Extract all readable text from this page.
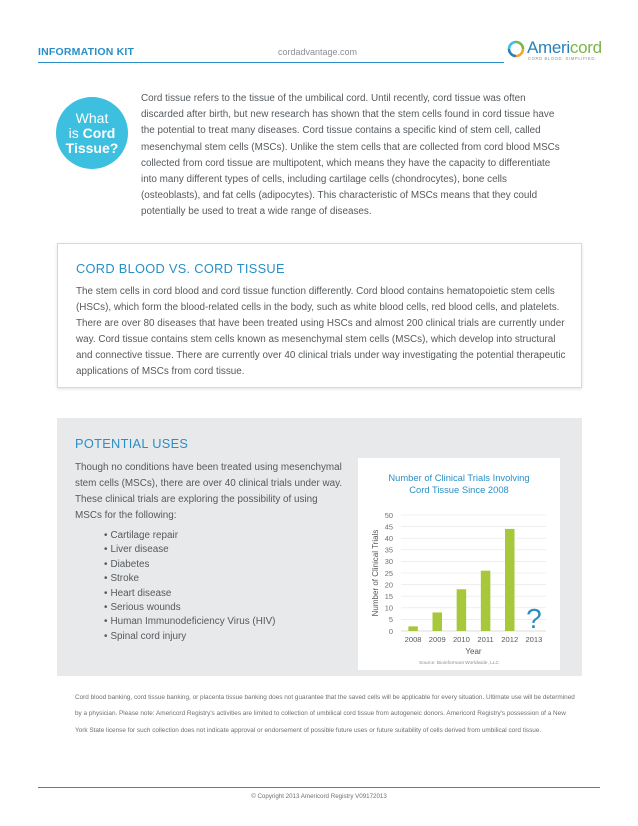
INFORMATION KIT	cordadvantage.com	Americord
CORD BLOOD. SIMPLIFIED.
What
is Cord
Tissue?

Cord tissue refers to the tissue of the umbilical cord. Until recently, cord tissue was often discarded after birth, but new research has shown that the stem cells found in cord tissue have the potential to treat many diseases. Cord tissue contains a specific kind of stem cell, called mesenchymal stem cells (MSCs). Unlike the stem cells that are collected from cord blood MSCs collected from cord tissue are multipotent, which means they have the capacity to differentiate into many different types of cells, including cartilage cells (chondrocytes), bone cells (osteoblasts), and fat cells (adipocytes). This characteristic of MSCs means that they could potentially be used to treat a wide range of diseases.

CORD BLOOD VS. CORD TISSUE

The stem cells in cord blood and cord tissue function differently. Cord blood contains hematopoietic stem cells (HSCs), which form the blood-related cells in the body, such as white blood cells, red blood cells, and platelets. There are over 80 diseases that have been treated using HSCs and almost 200 clinical trials are currently under way. Cord tissue contains stem cells known as mesenchymal stem cells (MSCs), which develop into structural and connective tissue. There are currently over 40 clinical trials under way investigating the potential therapeutic applications of MSCs from cord tissue.

POTENTIAL USES

Though no conditions have been treated using mesenchymal stem cells (MSCs), there are over 40 clinical trials under way. These clinical trials are exploring the possibility of using MSCs for the following:

• Cartilage repair
• Liver disease
• Diabetes
• Stroke
• Heart disease
• Serious wounds
• Human Immunodeficiency Virus (HIV)
• Spinal cord injury
Number of Clinical Trials Involving
Cord Tissue Since 2008
0
5
10
15
20
25
30
35
40
45
50
2008 2009 2010 2011 2012 2013
?
Year
Number of Clinical Trials
Source: Bioinformant Worldwide, LLC

Cord blood banking, cord tissue banking, or placenta tissue banking does not guarantee that the saved cells will be applicable for every situation. Ultimate use will be determined by a physician. Please note: Americord Registry's activities are limited to collection of umbilical cord tissue from autogeneic donors. Americord Registry's possession of a New York State license for such collection does not indicate approval or endorsement of possible future uses or future suitability of cells derived from umbilical cord tissue.

© Copyright 2013 Americord Registry V09172013
